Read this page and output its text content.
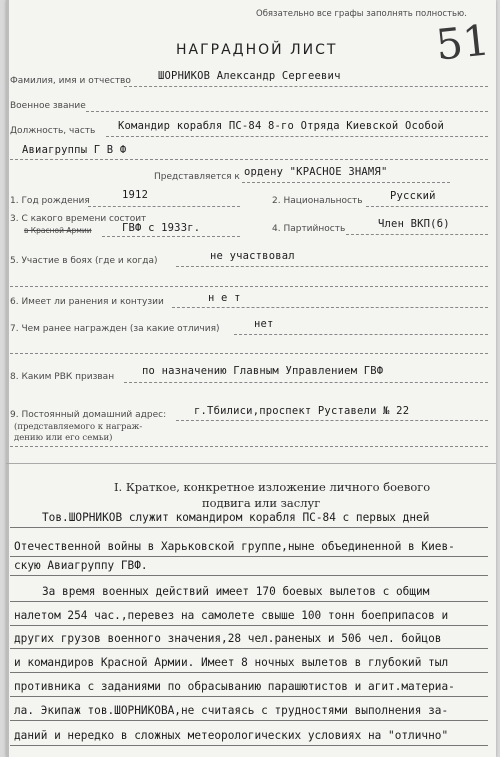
Обязательно все графы заполнять полностью.
51
НАГРАДНОЙ ЛИСТ
Фамилия, имя и отчество	ШОРНИКОВ Александр Сергеевич
Военное звание
Должность, часть Командир корабля ПС-84 8-го Отряда Киевской Особой
Авиагруппы Г В Ф
Представляется к ордену "КРАСНОЕ ЗНАМЯ"
1. Год рождения	1912	2. Национальность	Русский
3. С какого времени состоит
в Красной Армии	ГВФ с 1933г.	4. Партийность	Член ВКП(б)
5. Участие в боях (где и когда)	не участвовал
6. Имеет ли ранения и контузии	н е т
7. Чем ранее награжден (за какие отличия)	нет
8. Каким РВК призван	по назначению Главным Управлением ГВФ
9. Постоянный домашний адрес:	г.Тбилиси,проспект Руставели № 22
(представляемого к награж-
дению или его семьи)
I. Краткое, конкретное изложение личного боевого
подвига или заслуг
Тов.ШОРНИКОВ служит командиром корабля ПС-84 с первых дней
Отечественной войны в Харьковской группе,ныне объединенной в Киев-
скую Авиагруппу ГВФ.
За время военных действий имеет 170 боевых вылетов с общим
налетом 254 час.,перевез на самолете свыше 100 тонн боеприпасов и
других грузов военного значения,28 чел.раненых и 506 чел. бойцов
и командиров Красной Армии. Имеет 8 ночных вылетов в глубокий тыл
противника с заданиями по обрасыванию парашютистов и агит.материа-
ла. Экипаж тов.ШОРНИКОВА,не считаясь с трудностями выполнения за-
даний и нередко в сложных метеорологических условиях на "отлично"
